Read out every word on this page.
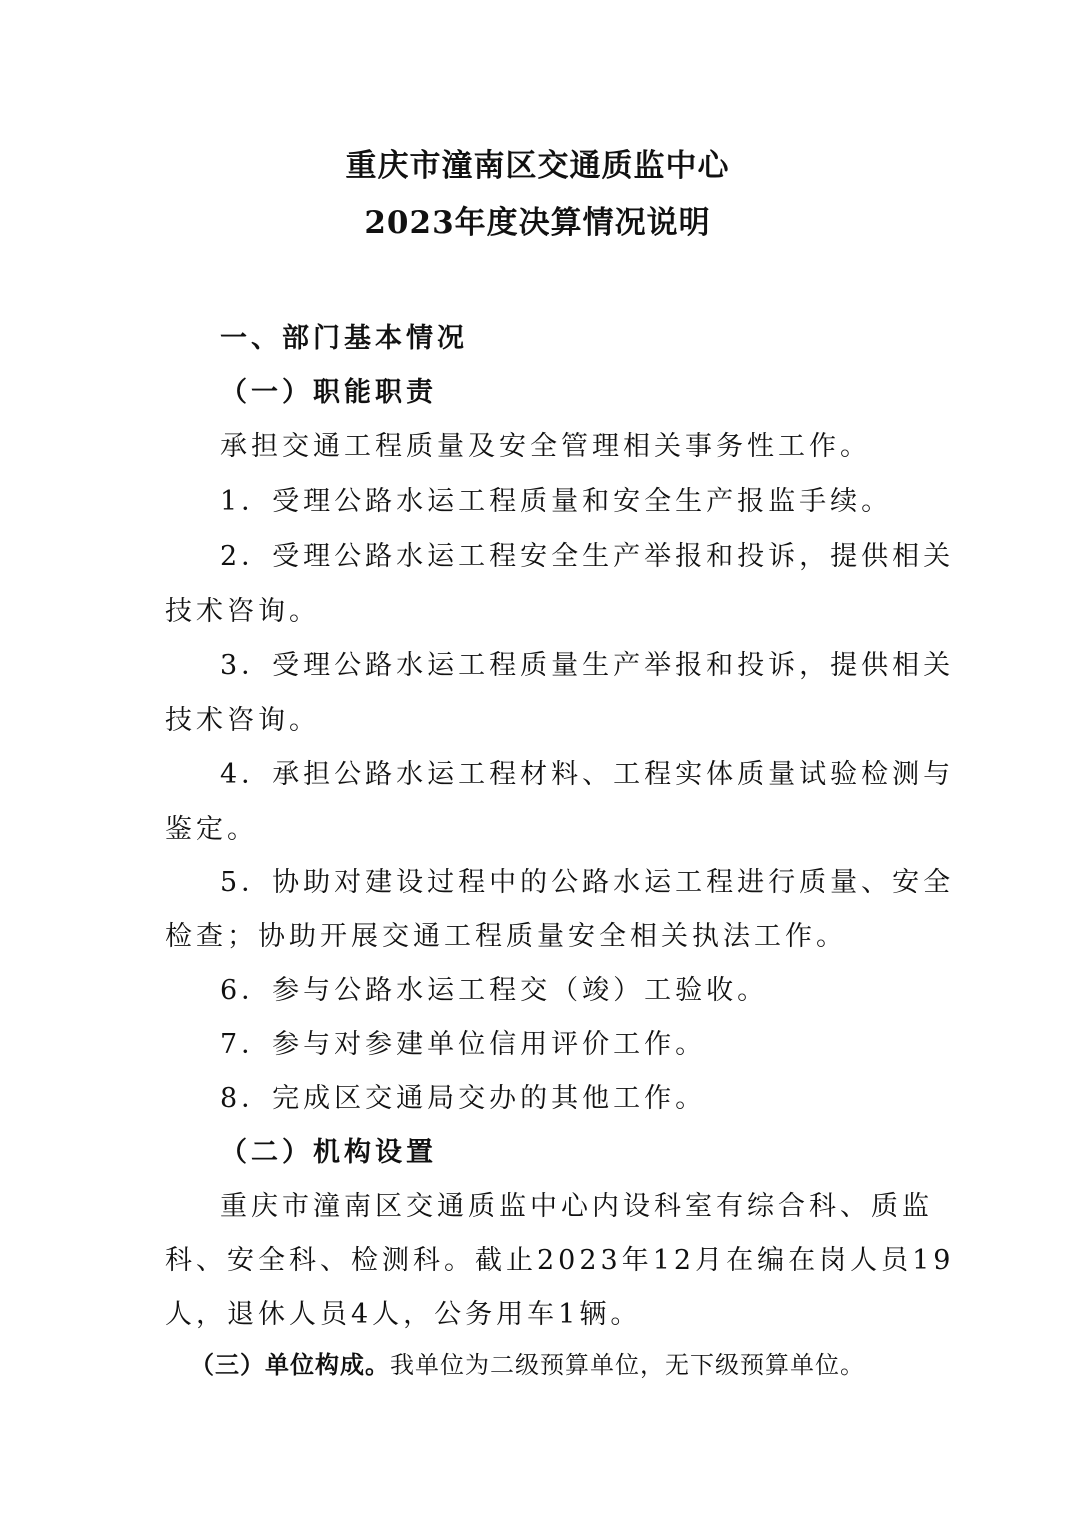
重庆市潼南区交通质监中心
2023年度决算情况说明
一、部门基本情况
（一）职能职责
承担交通工程质量及安全管理相关事务性工作。
1．受理公路水运工程质量和安全生产报监手续。
2．受理公路水运工程安全生产举报和投诉，提供相关
技术咨询。
3．受理公路水运工程质量生产举报和投诉，提供相关
技术咨询。
4．承担公路水运工程材料、工程实体质量试验检测与
鉴定。
5．协助对建设过程中的公路水运工程进行质量、安全
检查；协助开展交通工程质量安全相关执法工作。
6．参与公路水运工程交（竣）工验收。
7．参与对参建单位信用评价工作。
8．完成区交通局交办的其他工作。
（二）机构设置
重庆市潼南区交通质监中心内设科室有综合科、质监
科、安全科、检测科。截止2023年12月在编在岗人员19
人，退休人员4人，公务用车1辆。
（三）单位构成。我单位为二级预算单位，无下级预算单位。
